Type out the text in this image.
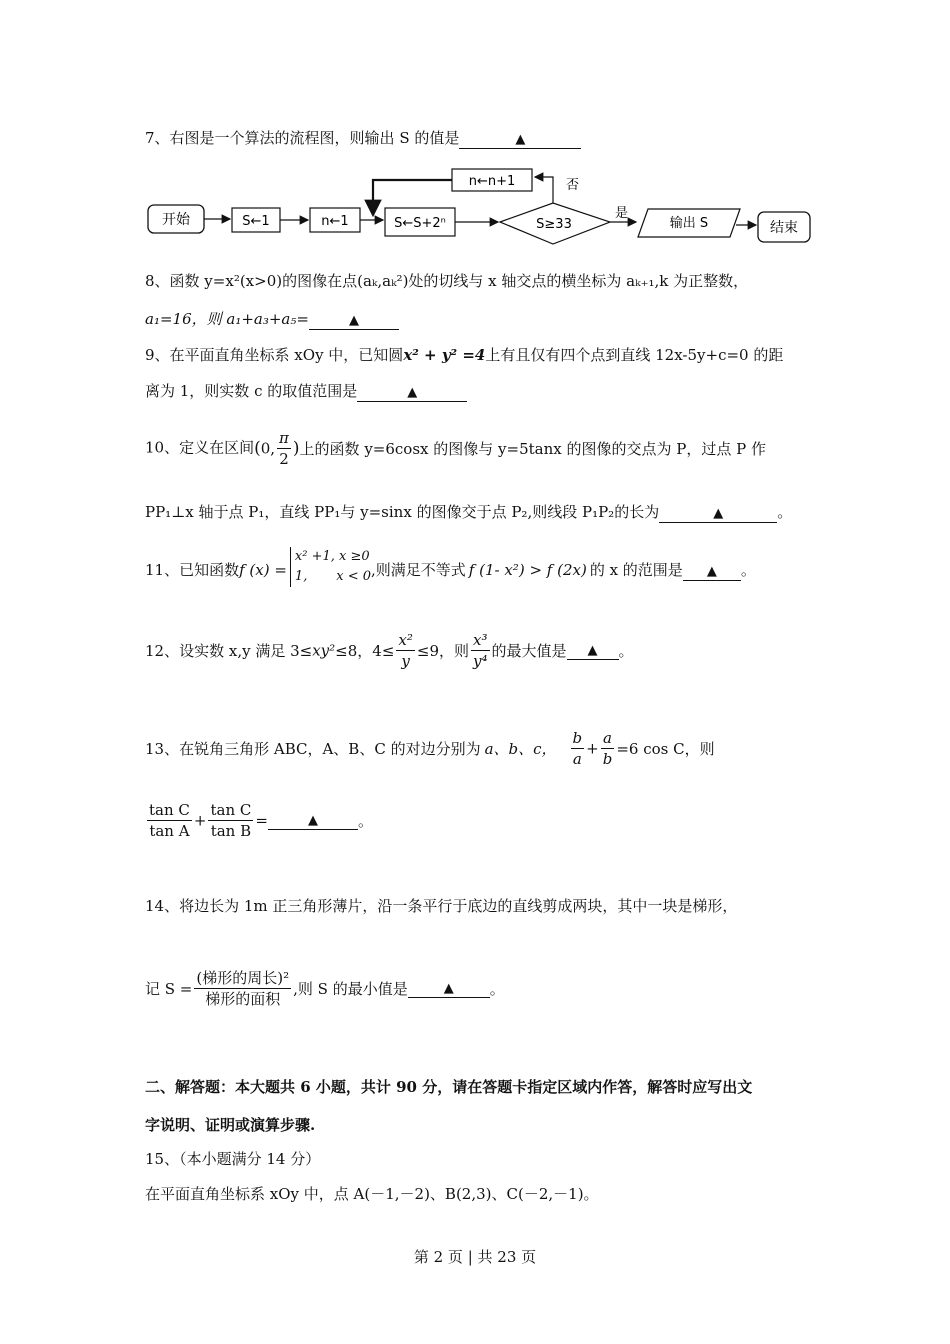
7、右图是一个算法的流程图，则输出 S 的值是	▲
开始	S←1	n←1	S←S+2ⁿ	S≥33
否
n←n+1
是
输出 S	结束
8、函数 y=x²(x>0)的图像在点(aₖ,aₖ²)处的切线与 x 轴交点的横坐标为 aₖ₊₁,k 为正整数，
a₁=16，则 a₁+a₃+a₅=	▲
9、在平面直角坐标系 xOy 中，已知圆x² + y² =4上有且仅有四个点到直线 12x-5y+c=0 的距
离为 1，则实数 c 的取值范围是	▲
10、定义在区间(0, $\frac{\pi}{2}$ )上的函数 y=6cosx 的图像与 y=5tanx 的图像的交点为 P，过点 P 作
PP₁⊥x 轴于点 P₁，直线 PP₁与 y=sinx 的图像交于点 P₂,则线段 P₁P₂的长为	▲	。
11、已知函数f (x) =
x² +1, x ≥0
1,       x < 0 ,则满足不等式 f (1- x²) > f (2x) 的 x 的范围是 ▲ 。
12、设实数 x,y 满足 3≤xy²≤8，$4\le \frac{\text{x²}}{y} \le 9$，则 $\frac{\text{x³}}{\text{y⁴}}$ 的最大值是 ▲ 。
13、在锐角三角形 ABC，A、B、C 的对边分别为 a、b、c， $\frac{b}{a} + \frac{a}{b} =6$ cos C，则
$\frac{\text{tan C}}{\text{tan A}} + \frac{\text{tan C}}{\text{tan B}}$ =	▲	。
14、将边长为 1m 正三角形薄片，沿一条平行于底边的直线剪成两块，其中一块是梯形，
记 $S = \frac{\text{(梯形的周长)²}}{\text{梯形的面积}}$ ,则 S 的最小值是	▲ 。
二、解答题：本大题共 6 小题，共计 90 分，请在答题卡指定区域内作答，解答时应写出文
字说明、证明或演算步骤.
15、（本小题满分 14 分）
在平面直角坐标系 xOy 中，点 A(－1,－2)、B(2,3)、C(－2,－1)。
第 2 页 | 共 23 页
